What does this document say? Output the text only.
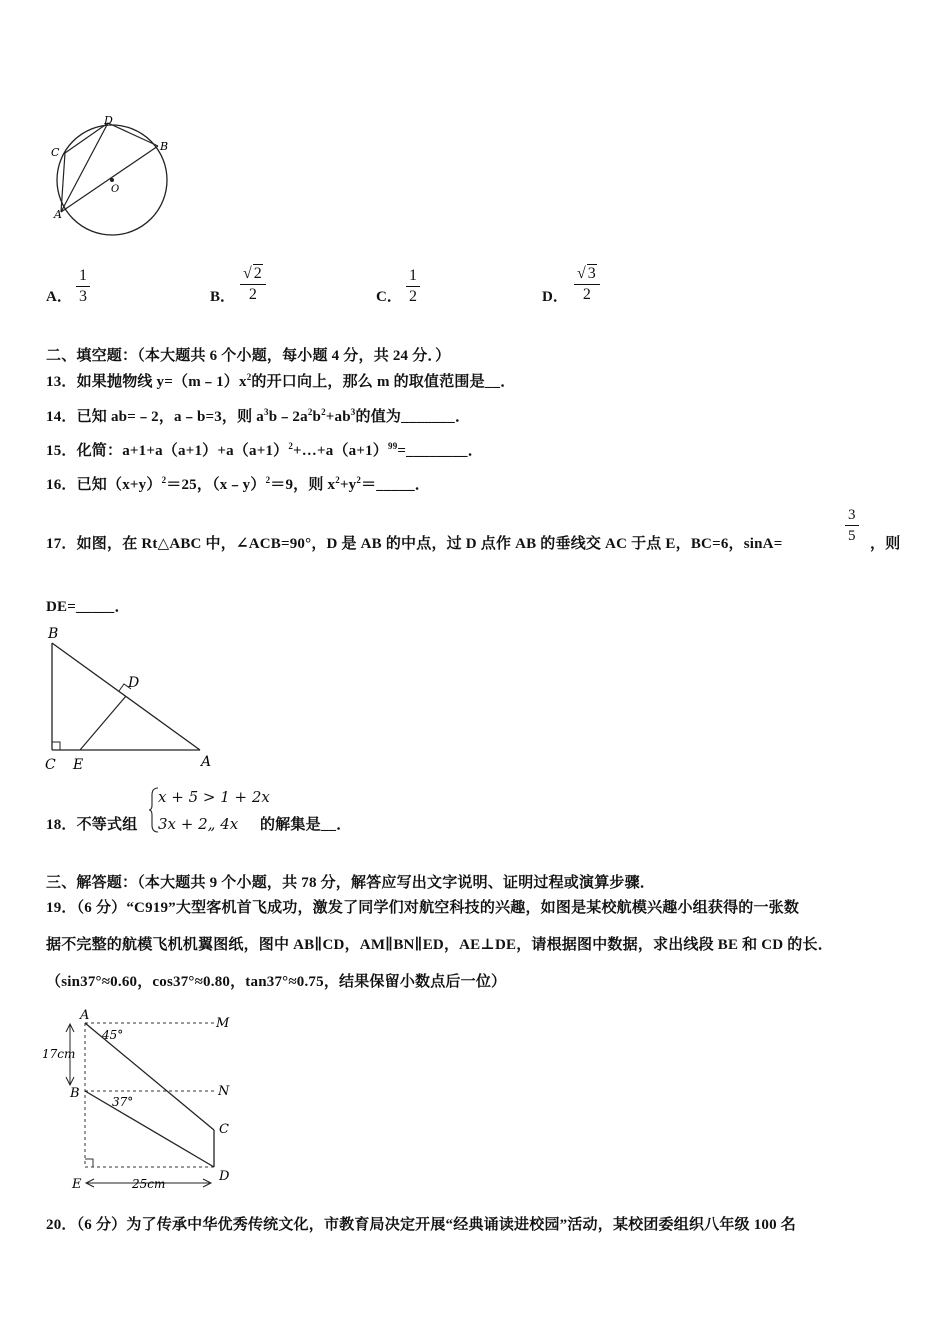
D
B
C
A
O
A．
1
3	B．
√ 2
2	C．
1
2	D．
√ 3
2
二、填空题：（本大题共 6 个小题，每小题 4 分，共 24 分．）
13．如果抛物线 $y=(m﹣1)x^2$的开口向上，那么 m 的取值范围是__．
14．已知 ab=﹣2，a﹣b=3，则 $a^3b﹣2a^2b^2+ab^3$的值为_______．
15．化简：$a+1+a(a+1)+a(a+1)^2+\dots+a(a+1)^{99}=\_\_\_\_\_\_\_\_$．
16．已知$(x+y)^2=25$，（x﹣y）$^2$＝9，则 $x^2+y^2=\_\_\_\_\_$．
17．如图，在 Rt△ABC 中，∠ACB=90°，D 是 AB 的中点，过 D 点作 AB 的垂线交 AC 于点 E，BC=6，sinA=
3
5 ，则
DE=_____．
B
D
C E	A
18．不等式组
x + 5 > 1 + 2x
3x + 2„ 4x 的解集是__．
三、解答题：（本大题共 9 个小题，共 78 分，解答应写出文字说明、证明过程或演算步骤．
19．（6 分）“C919”大型客机首飞成功，激发了同学们对航空科技的兴趣，如图是某校航模兴趣小组获得的一张数
据不完整的航模飞机机翼图纸，图中 AB∥CD，AM∥BN∥ED，AE⊥DE，请根据图中数据，求出线段 BE 和 CD 的长．
（sin37°≈0.60，cos37°≈0.80，tan37°≈0.75，结果保留小数点后一位）
A
M
B	N
C
D
E
45°
37°
17cm
25cm
20．（6 分）为了传承中华优秀传统文化，市教育局决定开展“经典诵读进校园”活动，某校团委组织八年级 100 名
